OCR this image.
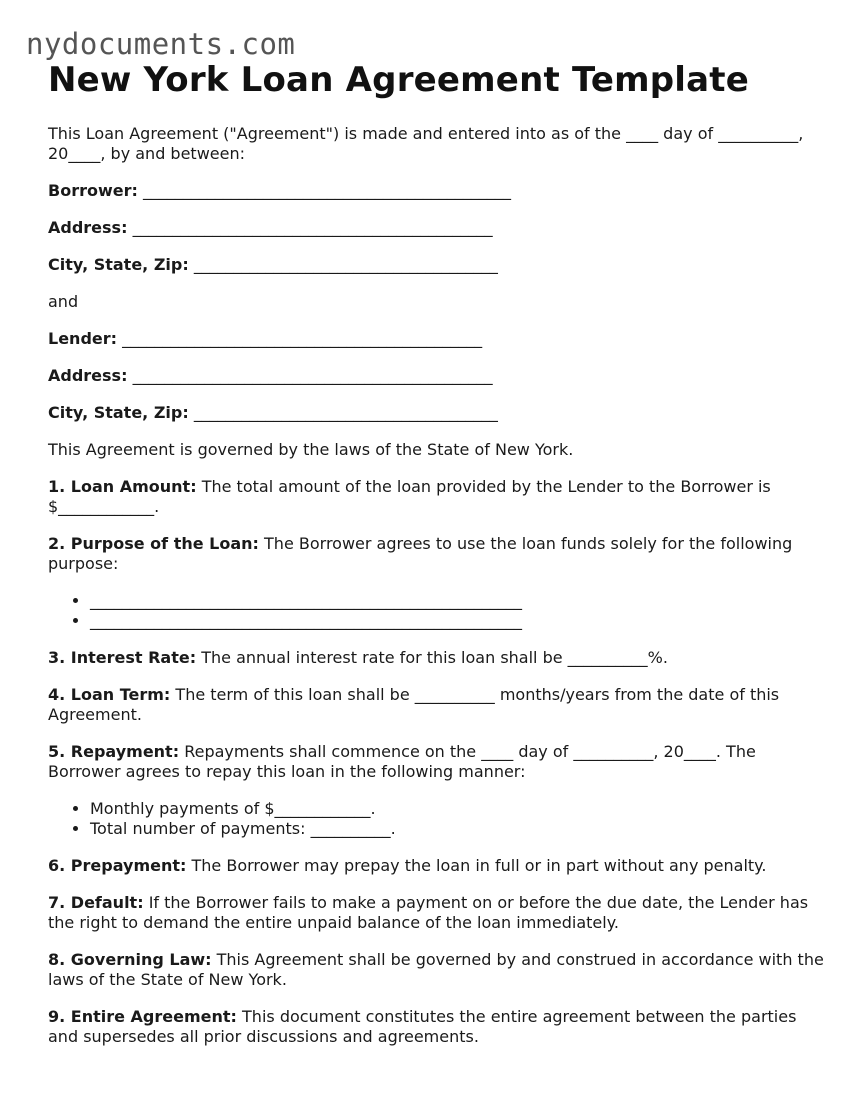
nydocuments.com
New York Loan Agreement Template

This Loan Agreement ("Agreement") is made and entered into as of the ____ day of __________, 20____, by and between:

Borrower: ______________________________________________

Address: _____________________________________________

City, State, Zip: ______________________________________

and

Lender: _____________________________________________

Address: _____________________________________________

City, State, Zip: ______________________________________

This Agreement is governed by the laws of the State of New York.

1. Loan Amount: The total amount of the loan provided by the Lender to the Borrower is $____________.

2. Purpose of the Loan: The Borrower agrees to use the loan funds solely for the following purpose:

• ______________________________________________________
• ______________________________________________________

3. Interest Rate: The annual interest rate for this loan shall be __________%.

4. Loan Term: The term of this loan shall be __________ months/years from the date of this Agreement.

5. Repayment: Repayments shall commence on the ____ day of __________, 20____. The Borrower agrees to repay this loan in the following manner:

• Monthly payments of $____________.
• Total number of payments: __________.

6. Prepayment: The Borrower may prepay the loan in full or in part without any penalty.

7. Default: If the Borrower fails to make a payment on or before the due date, the Lender has the right to demand the entire unpaid balance of the loan immediately.

8. Governing Law: This Agreement shall be governed by and construed in accordance with the laws of the State of New York.

9. Entire Agreement: This document constitutes the entire agreement between the parties and supersedes all prior discussions and agreements.
